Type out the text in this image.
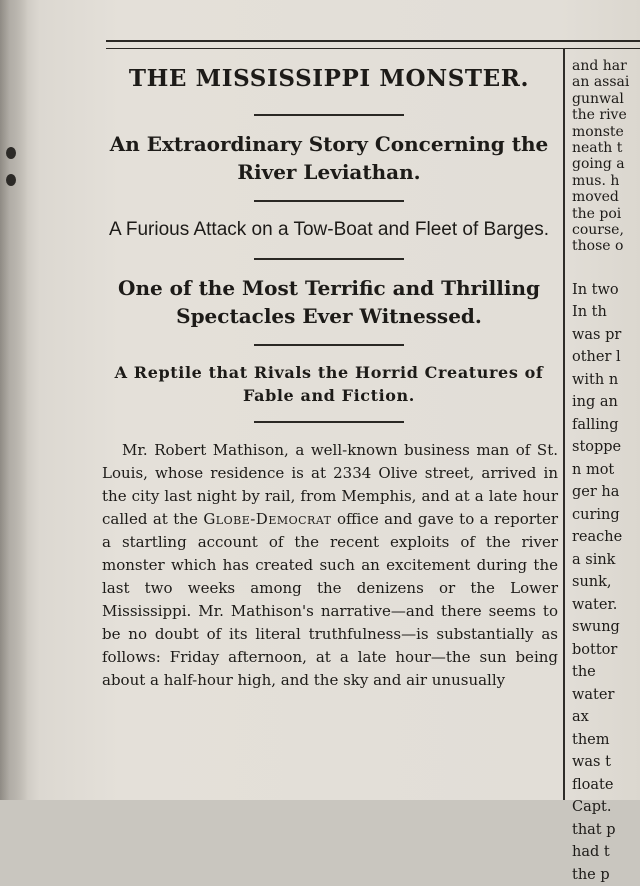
THE MISSISSIPPI MONSTER.
An Extraordinary Story Concerning the River Leviathan.
A Furious Attack on a Tow-Boat and Fleet of Barges.
One of the Most Terrific and Thrilling Spectacles Ever Witnessed.
A Reptile that Rivals the Horrid Creatures of Fable and Fiction.

Mr. Robert Mathison, a well-known business man of St. Louis, whose residence is at 2334 Olive street, arrived in the city last night by rail, from Memphis, and at a late hour called at the Globe-Democrat office and gave to a reporter a startling account of the recent exploits of the river monster which has created such an excitement during the last two weeks among the denizens or the Lower Mississippi. Mr. Mathison's narrative—and there seems to be no doubt of its literal truthfulness—is substantially as follows: Friday afternoon, at a late hour—the sun being about a half-hour high, and the sky and air unusually

and har

an assai

gunwal

the rive

monste

neath t

going a

mus. h

moved

the poi

course,

those o

In two

In th

was pr

other l

with n

ing an

falling

stoppe

n mot

ger ha

curing

reache

a sink

sunk,

water.

swung

bottor

the

water

ax

them

was t

floate

Capt.

that p

had t

the p
